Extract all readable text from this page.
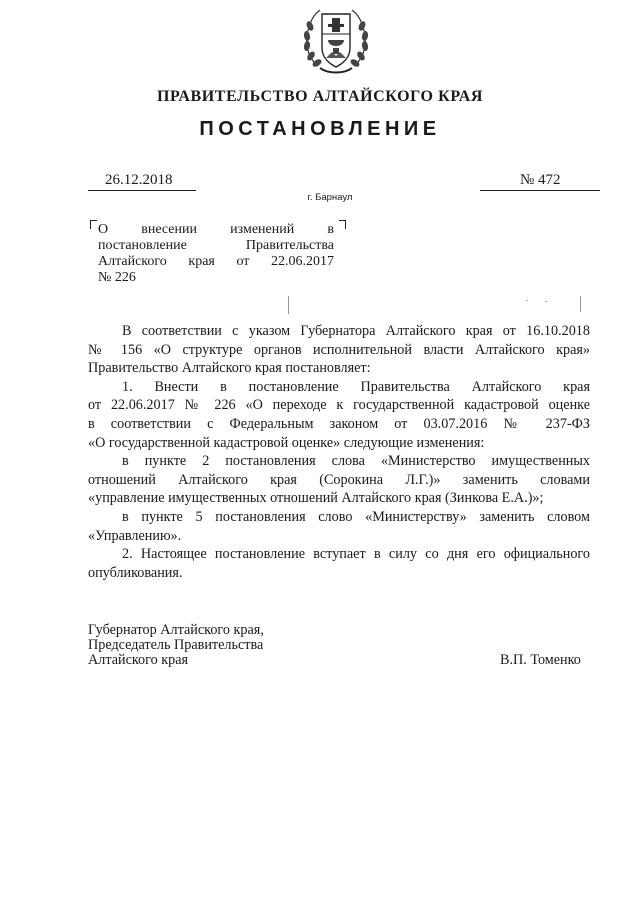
ПРАВИТЕЛЬСТВО АЛТАЙСКОГО КРАЯ
ПОСТАНОВЛЕНИЕ
26.12.2018	№ 472
г. Барнаул
О внесении изменений в
постановление Правительства
Алтайского края от 22.06.2017
№ 226
В соответствии с указом Губернатора Алтайского края от 16.10.2018
№ 156 «О структуре органов исполнительной власти Алтайского края»
Правительство Алтайского края постановляет:
1. Внести в постановление Правительства Алтайского края
от 22.06.2017 № 226 «О переходе к государственной кадастровой оценке
в соответствии с Федеральным законом от 03.07.2016 № 237-ФЗ
«О государственной кадастровой оценке» следующие изменения:
в пункте 2 постановления слова «Министерство имущественных
отношений Алтайского края (Сорокина Л.Г.)» заменить словами
«управление имущественных отношений Алтайского края (Зинкова Е.А.)»;
в пункте 5 постановления слово «Министерству» заменить словом
«Управлению».
2. Настоящее постановление вступает в силу со дня его официального
опубликования.
Губернатор Алтайского края,
Председатель Правительства
Алтайского края	В.П. Томенко
